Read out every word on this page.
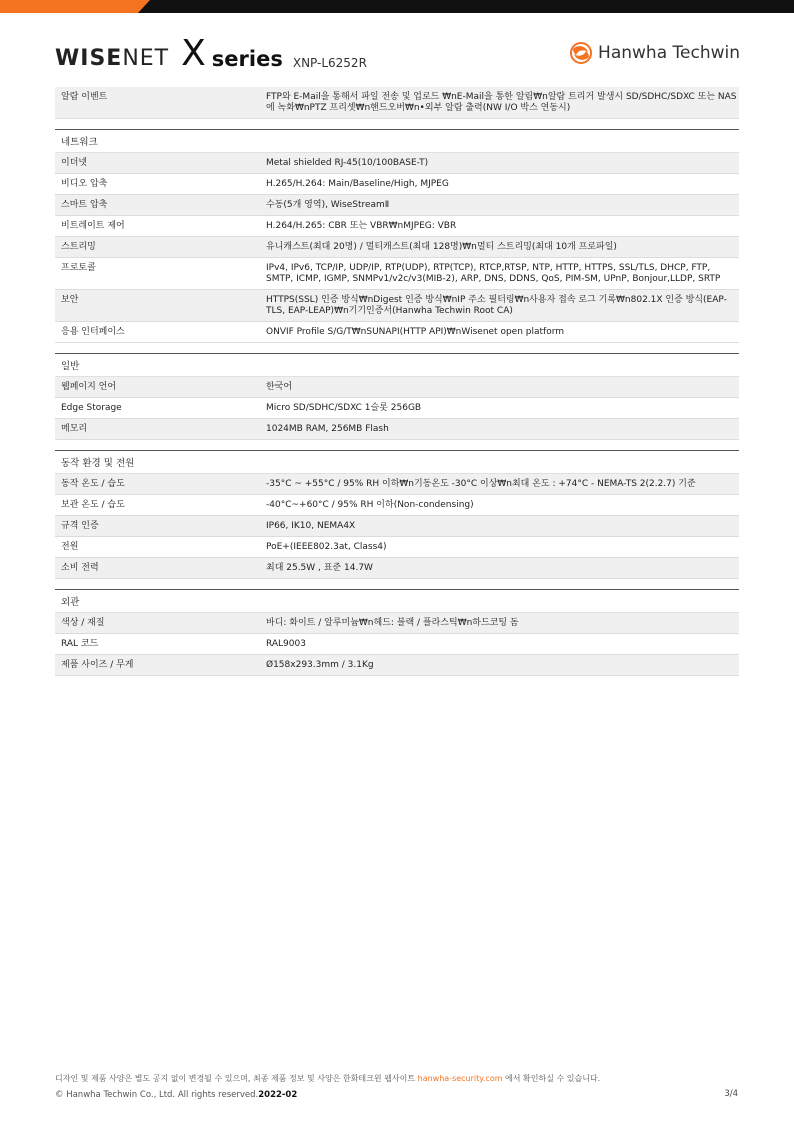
WISE NET X series XNP-L6252R	Hanwha Techwin
알람 이벤트	FTP와 E-Mail을 통해서 파일 전송 및 업로드 ₩nE-Mail을 통한 알림₩n알람 트리거 발생시 SD/SDHC/SDXC 또는 NAS에 녹화₩nPTZ 프리셋₩n핸드오버₩n•외부 알람 출력(NW I/O 박스 연동시)
네트워크
이더넷	Metal shielded RJ-45(10/100BASE-T)
비디오 압축	H.265/H.264: Main/Baseline/High, MJPEG
스마트 압축	수동(5개 영역), WiseStreamⅡ
비트레이트 제어	H.264/H.265: CBR 또는 VBR₩nMJPEG: VBR
스트리밍	유니캐스트(최대 20명) / 멀티캐스트(최대 128명)₩n멀티 스트리밍(최대 10개 프로파일)
프로토콜	IPv4, IPv6, TCP/IP, UDP/IP, RTP(UDP), RTP(TCP), RTCP,RTSP, NTP, HTTP, HTTPS, SSL/TLS, DHCP, FTP, SMTP, ICMP, IGMP, SNMPv1/v2c/v3(MIB-2), ARP, DNS, DDNS, QoS, PIM-SM, UPnP, Bonjour,LLDP, SRTP
보안	HTTPS(SSL) 인증 방식₩nDigest 인증 방식₩nIP 주소 필터링₩n사용자 접속 로그 기록₩n802.1X 인증 방식(EAP-TLS, EAP-LEAP)₩n기기인증서(Hanwha Techwin Root CA)
응용 인터페이스	ONVIF Profile S/G/T₩nSUNAPI(HTTP API)₩nWisenet open platform
일반
웹페이지 언어	한국어
Edge Storage	Micro SD/SDHC/SDXC 1슬롯 256GB
메모리	1024MB RAM, 256MB Flash
동작 환경 및 전원
동작 온도 / 습도	-35°C ~ +55°C / 95% RH 이하₩n기동온도 -30°C 이상₩n최대 온도 : +74°C - NEMA-TS 2(2.2.7) 기준
보관 온도 / 습도	-40°C~+60°C / 95% RH 이하(Non-condensing)
규격 인증	IP66, IK10, NEMA4X
전원	PoE+(IEEE802.3at, Class4)
소비 전력	최대 25.5W , 표준 14.7W
외관
색상 / 재질	바디: 화이트 / 알루미늄₩n헤드: 블랙 / 플라스틱₩n하드코팅 돔
RAL 코드	RAL9003
제품 사이즈 / 무게	Ø158x293.3mm / 3.1Kg
디자인 및 제품 사양은 별도 공지 없이 변경될 수 있으며, 최종 제품 정보 및 사양은 한화테크윈 웹사이트 hanwha-security.com 에서 확인하실 수 있습니다.
© Hanwha Techwin Co., Ltd. All rights reserved.2022-02	3/4
